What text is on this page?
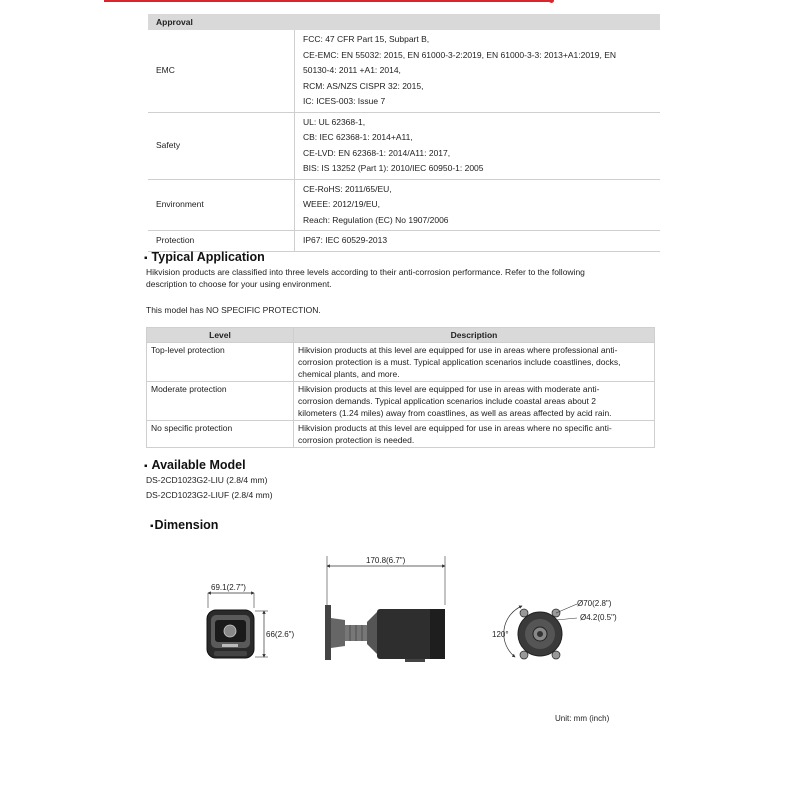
Approval	
EMC	FCC: 47 CFR Part 15, Subpart B,
CE-EMC: EN 55032: 2015, EN 61000-3-2:2019, EN 61000-3-3: 2013+A1:2019, EN
50130-4: 2011 +A1: 2014,
RCM: AS/NZS CISPR 32: 2015,
IC: ICES-003: Issue 7

Safety	UL: UL 62368-1,
CB: IEC 62368-1: 2014+A11,
CE-LVD: EN 62368-1: 2014/A11: 2017,
BIS: IS 13252 (Part 1): 2010/IEC 60950-1: 2005

Environment	CE-RoHS: 2011/65/EU,
WEEE: 2012/19/EU,
Reach: Regulation (EC) No 1907/2006

Protection	IP67: IEC 60529-2013
▪ Typical Application
Hikvision products are classified into three levels according to their anti-corrosion performance. Refer to the following
description to choose for your using environment.
This model has NO SPECIFIC PROTECTION.
Level	Description
Top-level protection	Hikvision products at this level are equipped for use in areas where professional anti-
corrosion protection is a must. Typical application scenarios include coastlines, docks,
chemical plants, and more.

Moderate protection	Hikvision products at this level are equipped for use in areas with moderate anti-
corrosion demands. Typical application scenarios include coastal areas about 2
kilometers (1.24 miles) away from coastlines, as well as areas affected by acid rain.

No specific protection	Hikvision products at this level are equipped for use in areas where no specific anti-
corrosion protection is needed.
▪ Available Model
DS-2CD1023G2-LIU (2.8/4 mm)
DS-2CD1023G2-LIUF (2.8/4 mm)
▪Dimension
69.1(2.7")
66(2.6")
170.8(6.7")
120°
Ø70(2.8")
Ø4.2(0.5")
Unit: mm (inch)
